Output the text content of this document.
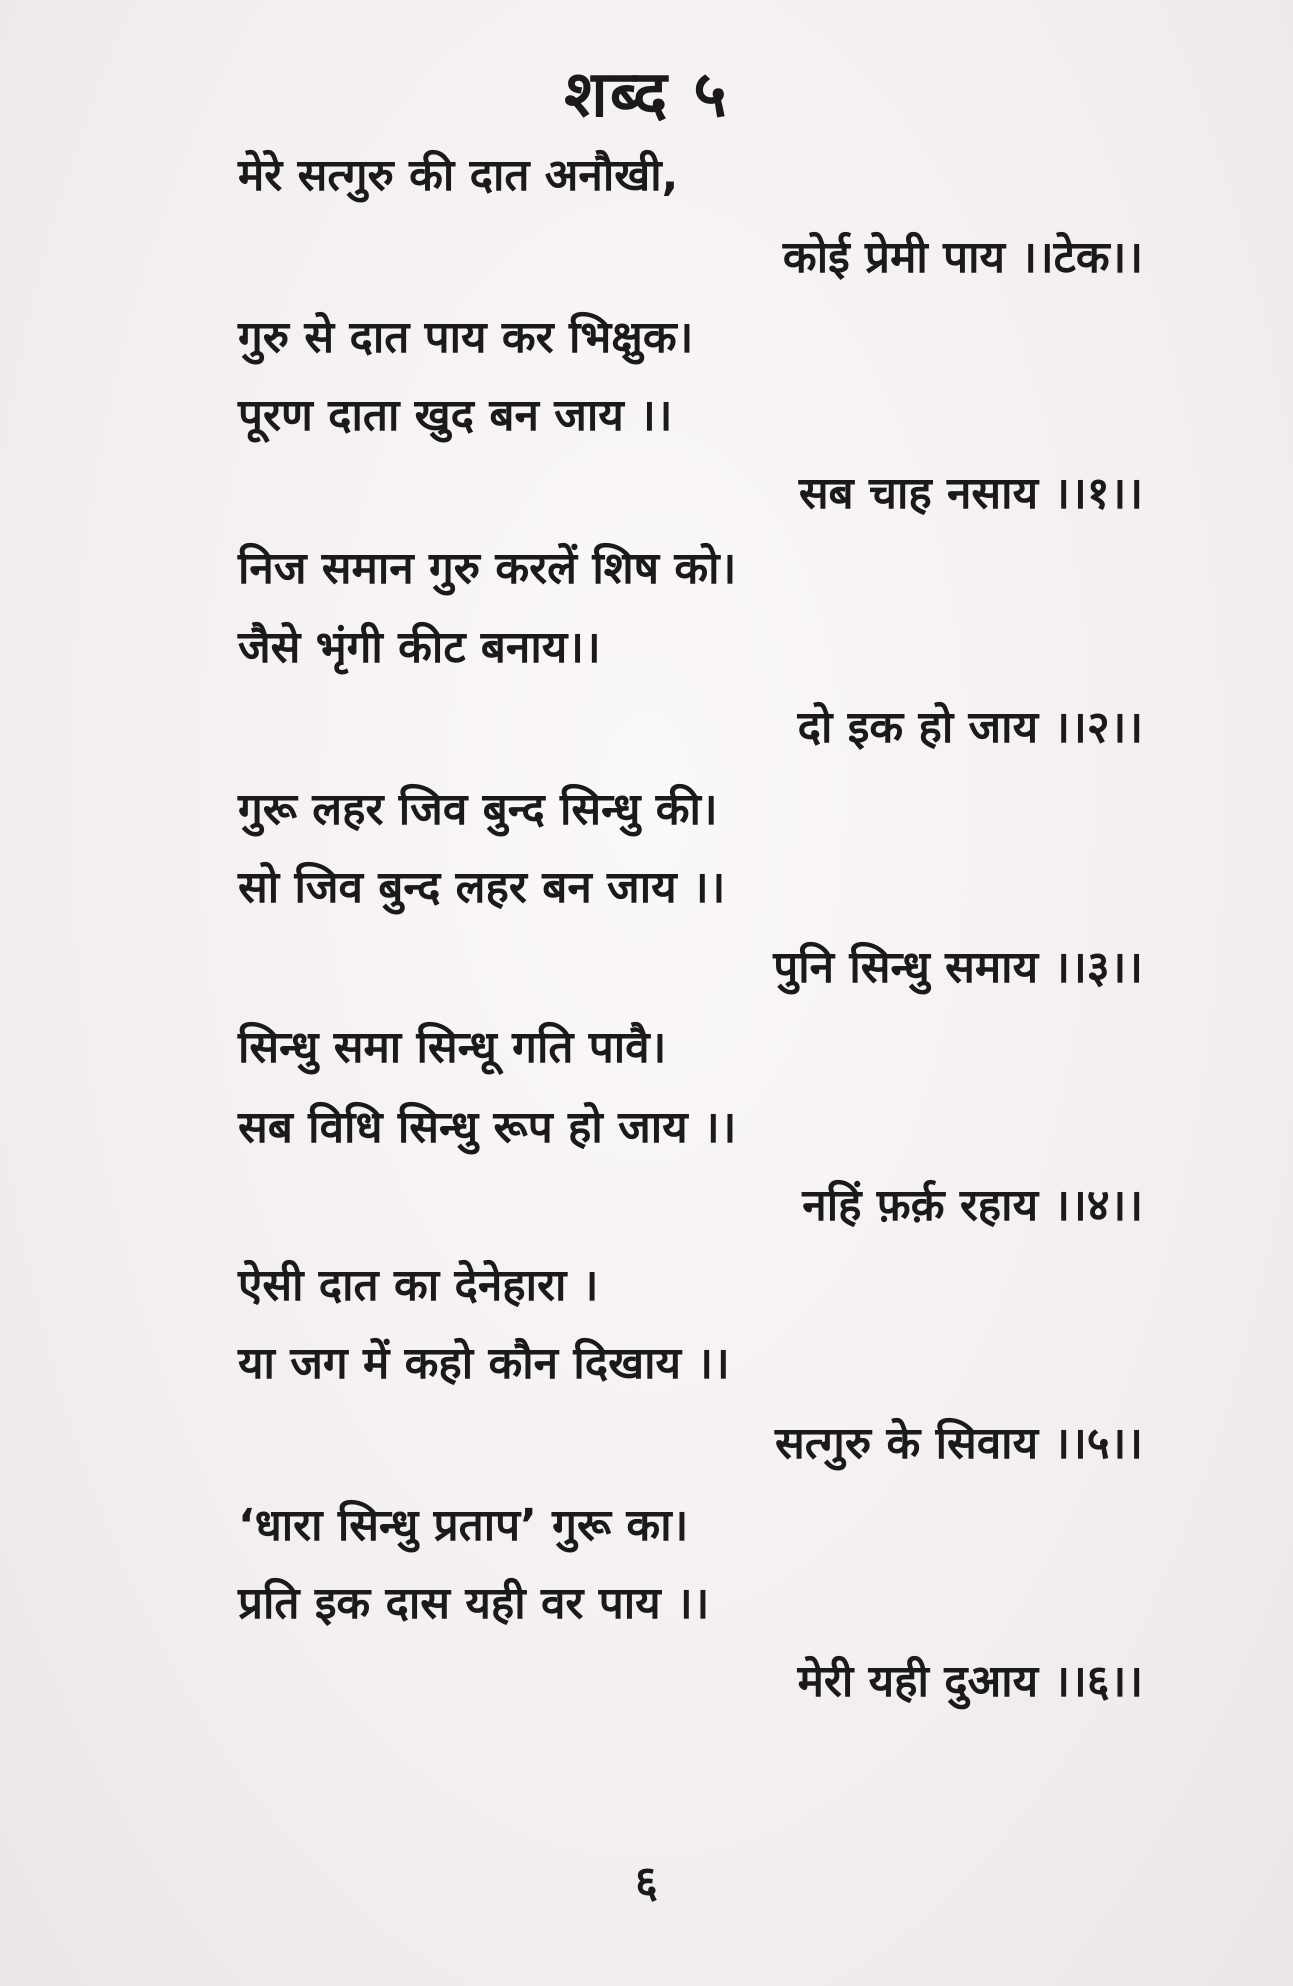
शब्द ५
मेरे सत्गुरु की दात अनौखी,
कोई प्रेमी पाय ।।टेक।।
गुरु से दात पाय कर भिक्षुक।
पूरण दाता खुद बन जाय ।।
सब चाह नसाय ।।१।।
निज समान गुरु करलें शिष को।
जैसे भृंगी कीट बनाय।।
दो इक हो जाय ।।२।।
गुरू लहर जिव बुन्द सिन्धु की।
सो जिव बुन्द लहर बन जाय ।।
पुनि सिन्धु समाय ।।३।।
सिन्धु समा सिन्धू गति पावै।
सब विधि सिन्धु रूप हो जाय ।।
नहिं फ़र्क़ रहाय ।।४।।
ऐसी दात का देनेहारा ।
या जग में कहो कौन दिखाय ।।
सत्गुरु के सिवाय ।।५।।
‘धारा सिन्धु प्रताप’ गुरू का।
प्रति इक दास यही वर पाय ।।
मेरी यही दुआय ।।६।।
६
